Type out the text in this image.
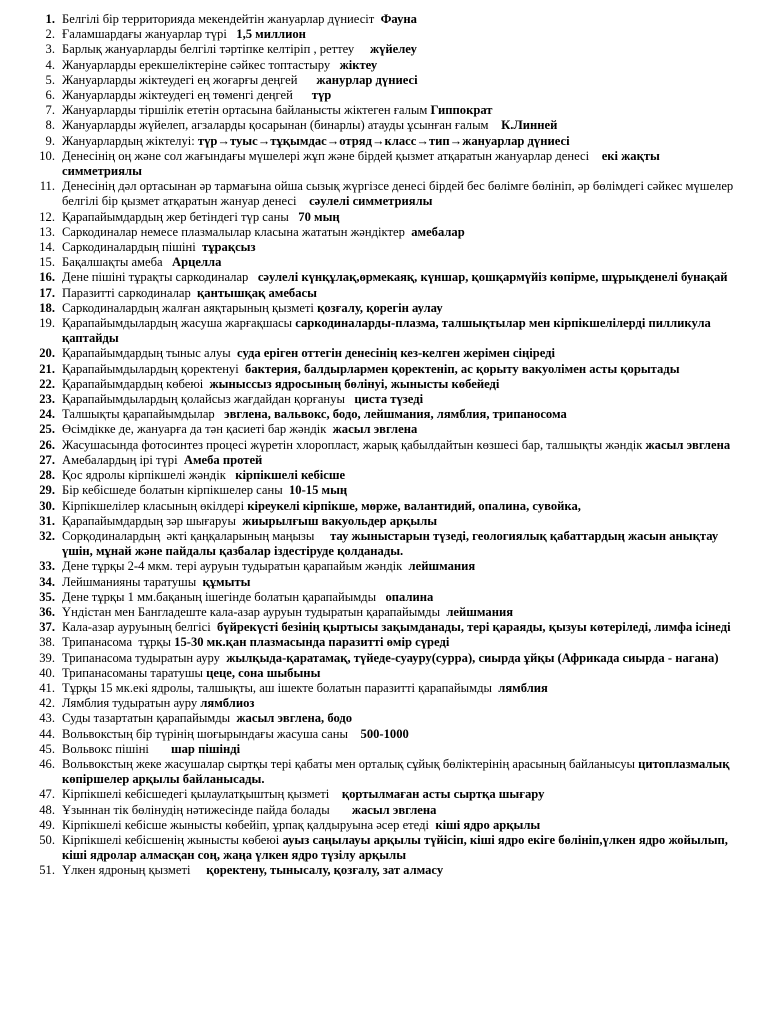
1. Белгілі бір территорияда мекендейтін жануарлар дүниесіт  Фауна
2. Ғаламшардағы жануарлар түрі   1,5 миллион
3. Барлық жануарларды белгілі тәртіпке келтіріп , реттеу     жүйелеу
4. Жануарларды ерекшеліктеріне сәйкес топтастыру   жіктеу
5. Жануарларды жіктеудегі ең жоғарғы деңгей      жанурлар дүниесі
6. Жануарларды жіктеудегі ең төменгі деңгей      түр
7. Жануарларды тіршілік ететін ортасына байланысты жіктеген ғалым Гиппократ
8. Жануарларды жүйелеп, агзаларды қосарынан (бинарлы) атауды ұсынған ғалым    К.Линней
9. Жануарлардың жіктелуі: түр→туыс→тұқымдас→отряд→класс→тип→жануарлар дүниесі
10. Денесінің оң және сол жағындағы мүшелері жұп және бірдей қызмет атқаратын жануарлар денесі    екі жақты симметриялы
11. Денесінің дәл ортасынан әр тармағына ойша сызық жүргізсе денесі бірдей бес бөлімге бөлініп, әр бөлімдегі сәйкес мүшелер белгілі бір қызмет атқаратын жануар денесі    сәулелі симметриялы
12. Қарапайымдардың жер бетіндегі түр саны   70 мың
13. Саркодиналар немесе плазмалылар класына жататын жәндіктер  амебалар
14. Саркодиналардың пішіні  тұрақсыз
15. Бақалшақты амеба   Арцелла
16. Дене пішіні тұрақты саркодиналар   сәулелі күнқұлақ,өрмекаяқ, күншар, қошқармүйіз көпірме, шұрықденелі бунақай
17. Паразитті саркодиналар  қантышқақ амебасы
18. Саркодиналардың жалған аяқтарының қызметі қозғалу, қорегін аулау
19. Қарапайымдылардың жасуша жарғақшасы саркодиналарды-плазма, талшықтылар мен кірпікшелілерді пилликула қаптайды
20. Қарапайымдардың тыныс алуы  суда еріген оттегін денесінің кез-келген жерімен сіңіреді
21. Қарапайымдылардың қоректенуі  бактерия, балдырлармен қоректеніп, ас қорыту вакуолімен асты қорытады
22. Қарапайымдардың көбеюі  жыныссыз ядросының бөлінуі, жынысты көбейеді
23. Қарапайымдылардың қолайсыз жағдайдан қорғануы   циста түзеді
24. Талшықты қарапайымдылар   эвглена, вальвокс, бодо, лейшмания, лямблия, трипаносома
25. Өсімдікке де, жануарға да тән қасиеті бар жәндік  жасыл эвглена
26. Жасушасында фотосинтез процесі жүретін хлоропласт, жарық қабылдайтын көзшесі бар, талшықты жәндік жасыл эвглена
27. Амебалардың ірі түрі  Амеба протей
28. Қос ядролы кірпікшелі жәндік   кірпікшелі кебісше
29. Бір кебісшеде болатын кірпікшелер саны  10-15 мың
30. Кірпікшелілер класының өкілдері кіреукелі кірпікше, мөрже, валантидий, опалина, сувойка,
31. Қарапайымдардың зәр шығаруы  жиырылғыш вакуольдер арқылы
32. Сорқодиналардың  әкті қаңқаларының маңызы     тау жыныстарын түзеді, геологиялық қабаттардың жасын анықтау үшін, мұнай және пайдалы қазбалар іздестіруде қолданады.
33. Дене тұрқы 2-4 мкм. тері ауруын тудыратын қарапайым жәндік  лейшмания
34. Лейшманияны таратушы  құмыты
35. Дене тұрқы 1 мм.бақаның ішегінде болатын қарапайымды   опалина
36. Үндістан мен Бангладеште кала-азар ауруын тудыратын қарапайымды  лейшмания
37. Кала-азар ауруының белгісі  бүйрекүсті безінің қыртысы зақымданады, тері қараяды, қызуы көтеріледі, лимфа ісінеді
38. Трипанасома  тұрқы 15-30 мк.қан плазмасында паразитті өмір сүреді
39. Трипанасома тудыратын ауру  жылқыда-қаратамақ, түйеде-суауру(сурра), сиырда ұйқы (Африкада сиырда - нагана)
40. Трипанасоманы таратушы цеце, сона шыбыны
41. Тұрқы 15 мк.екі ядролы, талшықты, аш ішекте болатын паразитті қарапайымды  лямблия
42. Лямблия тудыратын ауру лямблиоз
43. Суды тазартатын қарапайымды  жасыл эвглена, бодо
44. Вольвокстың бір түрінің шоғырындағы жасуша саны    500-1000
45. Вольвокс пішіні       шар пішінді
46. Вольвокстың жеке жасушалар сыртқы тері қабаты мен орталық сұйық бөліктерінің арасының байланысуы цитоплазмалық көпіршелер арқылы байланысады.
47. Кірпікшелі кебісшедегі қылаулатқыштың қызметі    қортылмаған асты сыртқа шығару
48. Ұзыннан тік бөлінудің нәтижесінде пайда болады       жасыл эвглена
49. Кірпікшелі кебісше жынысты көбейіп, ұрпақ қалдыруына әсер етеді  кіші ядро арқылы
50. Кірпікшелі кебісшенің жынысты көбеюі ауыз саңылауы арқылы түйісіп, кіші ядро екіге бөлініп,үлкен ядро жойылып, кіші ядролар алмасқан соң, жаңа үлкен ядро түзілу арқылы
51. Үлкен ядроның қызметі     қоректену, тынысалу, қозғалу, зат алмасу
